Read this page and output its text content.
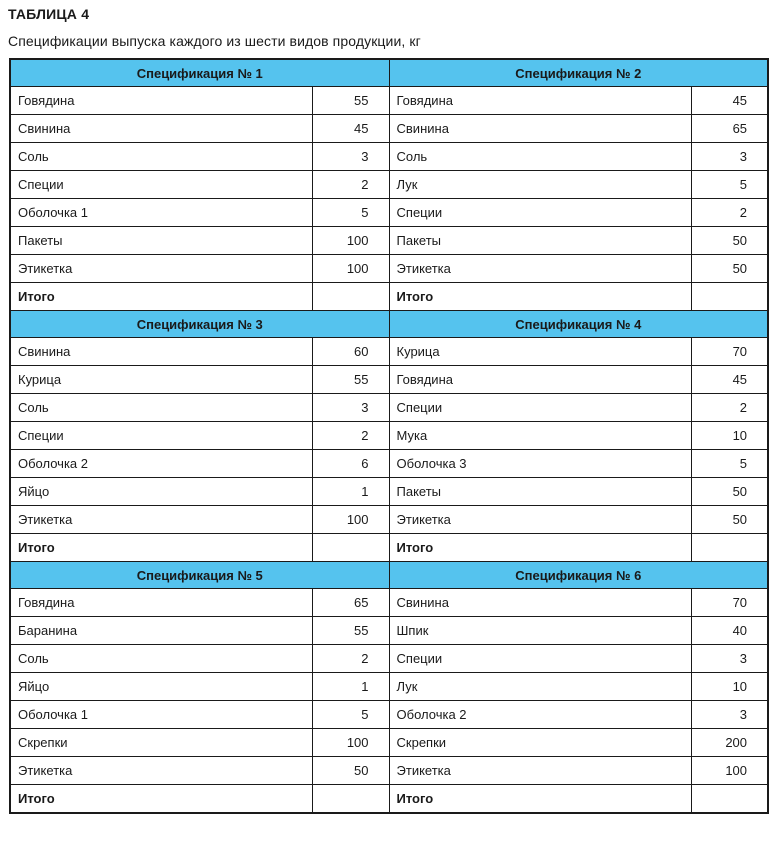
ТАБЛИЦА 4
Спецификации выпуска каждого из шести видов продукции, кг
Спецификация № 1		Спецификация № 2	
Говядина	55	Говядина	45
Свинина	45	Свинина	65
Соль	3	Соль	3
Специи	2	Лук	5
Оболочка 1	5	Специи	2
Пакеты	100	Пакеты	50
Этикетка	100	Этикетка	50
Итого		Итого	
Спецификация № 3		Спецификация № 4	
Свинина	60	Курица	70
Курица	55	Говядина	45
Соль	3	Специи	2
Специи	2	Мука	10
Оболочка 2	6	Оболочка 3	5
Яйцо	1	Пакеты	50
Этикетка	100	Этикетка	50
Итого		Итого	
Спецификация № 5		Спецификация № 6	
Говядина	65	Свинина	70
Баранина	55	Шпик	40
Соль	2	Специи	3
Яйцо	1	Лук	10
Оболочка 1	5	Оболочка 2	3
Скрепки	100	Скрепки	200
Этикетка	50	Этикетка	100
Итого		Итого	
